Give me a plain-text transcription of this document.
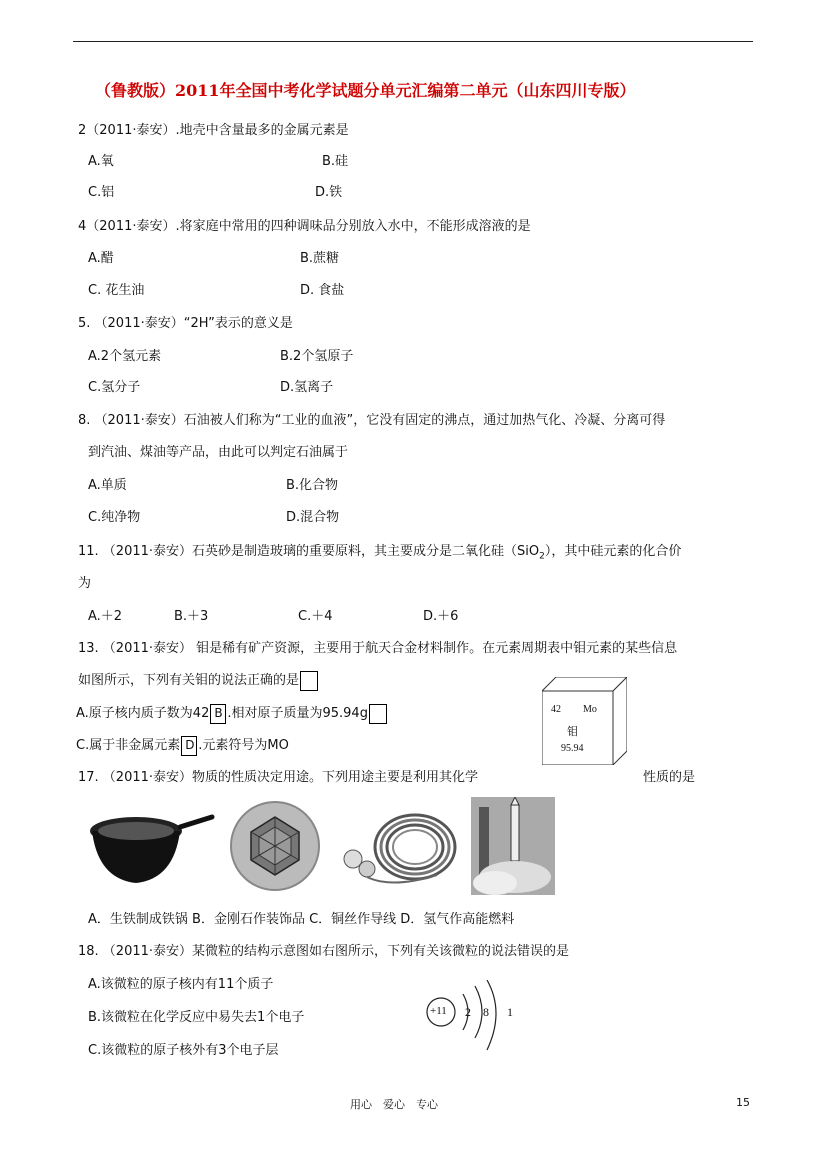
（鲁教版）2011年全国中考化学试题分单元汇编第二单元（山东四川专版）
2（2011·泰安）.地壳中含量最多的金属元素是
A.氧	B.硅
C.铝	D.铁
4（2011·泰安）.将家庭中常用的四种调味品分别放入水中，不能形成溶液的是
A.醋	B.蔗糖
C. 花生油	D. 食盐
5. （2011·泰安）“2H”表示的意义是
A.2个氢元素	B.2个氢原子
C.氢分子	D.氢离子
8. （2011·泰安）石油被人们称为“工业的血液”，它没有固定的沸点，通过加热气化、冷凝、分离可得
到汽油、煤油等产品，由此可以判定石油属于
A.单质	B.化合物
C.纯净物	D.混合物
11. （2011·泰安）石英砂是制造玻璃的重要原料，其主要成分是二氧化硅（SiO$_2$），其中硅元素的化合价
为
A.＋2	B.＋3	C.＋4	D.＋6
13. （2011·泰安） 钼是稀有矿产资源，主要用于航天合金材料制作。在元素周期表中钼元素的某些信息
如图所示，下列有关钼的说法正确的是
A.原子核内质子数为42 B .相对原子质量为95.94g
C.属于非金属元素 D .元素符号为MO
42 Mo
钼
95.94
17. （2011·泰安）物质的性质决定用途。下列用途主要是利用其化学	性质的是
A．生铁制成铁锅 B．金刚石作装饰品 C．铜丝作导线 D．氢气作高能燃料
18. （2011·泰安）某微粒的结构示意图如右图所示，下列有关该微粒的说法错误的是
A.该微粒的原子核内有11个质子
B.该微粒在化学反应中易失去1个电子
C.该微粒的原子核外有3个电子层
+11 2 8 1
用心　爱心　专心	15
